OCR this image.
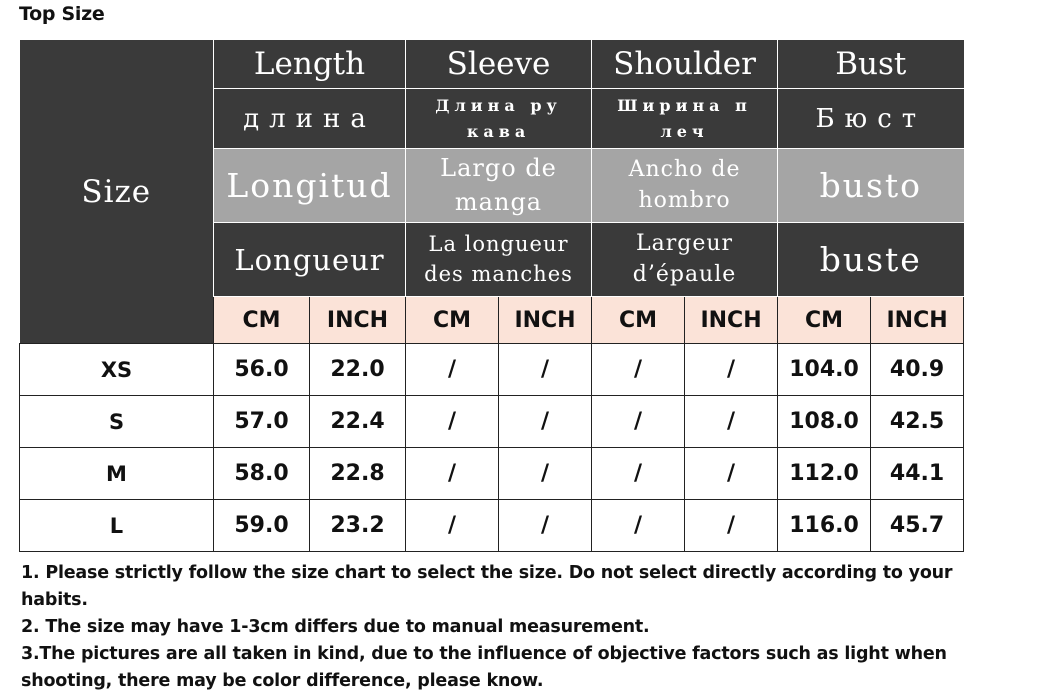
Top Size
Size	Length		Sleeve		Shoulder		Bust	
	длина		Длина ру кава		Ширина п леч		Бюст	
	Longitud		Largo de manga		Ancho de hombro		busto	
	Longueur		La longueur des manches		Largeur d’épaule		buste	
	CM	INCH	CM	INCH	CM	INCH	CM	INCH
XS	56.0	22.0	/	/	/	/	104.0	40.9
S	57.0	22.4	/	/	/	/	108.0	42.5
M	58.0	22.8	/	/	/	/	112.0	44.1
L	59.0	23.2	/	/	/	/	116.0	45.7

1. Please strictly follow the size chart to select the size. Do not select directly according to your habits.

2. The size may have 1-3cm differs due to manual measurement.

3.The pictures are all taken in kind, due to the influence of objective factors such as light when shooting, there may be color difference, please know.
